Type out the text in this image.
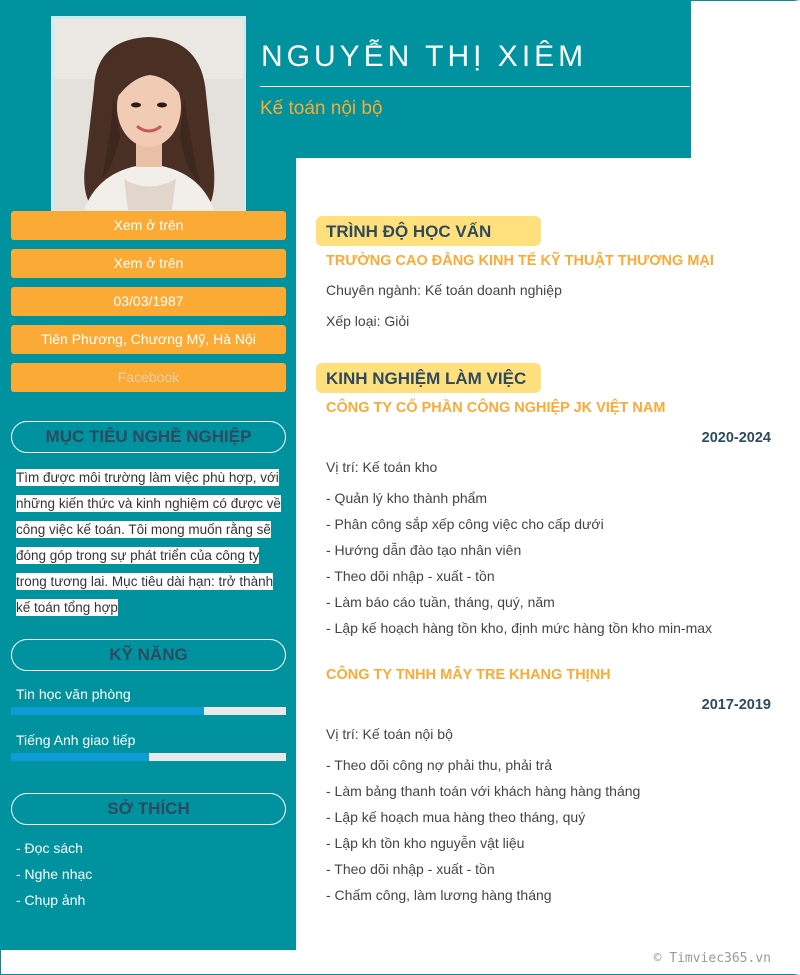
Xem ở trên
Xem ở trên
03/03/1987
Tiên Phương, Chương Mỹ, Hà Nội
Facebook
MỤC TIÊU NGHỀ NGHIỆP
Tìm được môi trường làm việc phù hợp, với những kiến thức và kinh nghiệm có được về công việc kế toán. Tôi mong muốn rằng sẽ đóng góp trong sự phát triển của công ty trong tương lai. Mục tiêu dài hạn: trở thành kế toán tổng hợp
KỸ NĂNG
Tin học văn phòng
Tiếng Anh giao tiếp
SỞ THÍCH
- Đọc sách
- Nghe nhạc
- Chụp ảnh
NGUYỄN THỊ XIÊM
Kế toán nội bộ
TRÌNH ĐỘ HỌC VẤN
TRƯỜNG CAO ĐẲNG KINH TẾ KỸ THUẬT THƯƠNG MẠI
Chuyên ngành: Kế toán doanh nghiệp
Xếp loại: Giỏi
KINH NGHIỆM LÀM VIỆC
CÔNG TY CỔ PHẦN CÔNG NGHIỆP JK VIỆT NAM
2020-2024
Vị trí: Kế toán kho
- Quản lý kho thành phẩm
- Phân công sắp xếp công việc cho cấp dưới
- Hướng dẫn đào tạo nhân viên
- Theo dõi nhập - xuất - tồn
- Làm báo cáo tuần, tháng, quý, năm
- Lập kế hoạch hàng tồn kho, định mức hàng tồn kho min-max
CÔNG TY TNHH MÂY TRE KHANG THỊNH
2017-2019
Vị trí: Kế toán nội bộ
- Theo dõi công nợ phải thu, phải trả
- Làm bảng thanh toán với khách hàng hàng tháng
- Lập kế hoạch mua hàng theo tháng, quý
- Lập kh tồn kho nguyễn vật liệu
- Theo dõi nhập - xuất - tồn
- Chấm công, làm lương hàng tháng
© Timviec365.vn
